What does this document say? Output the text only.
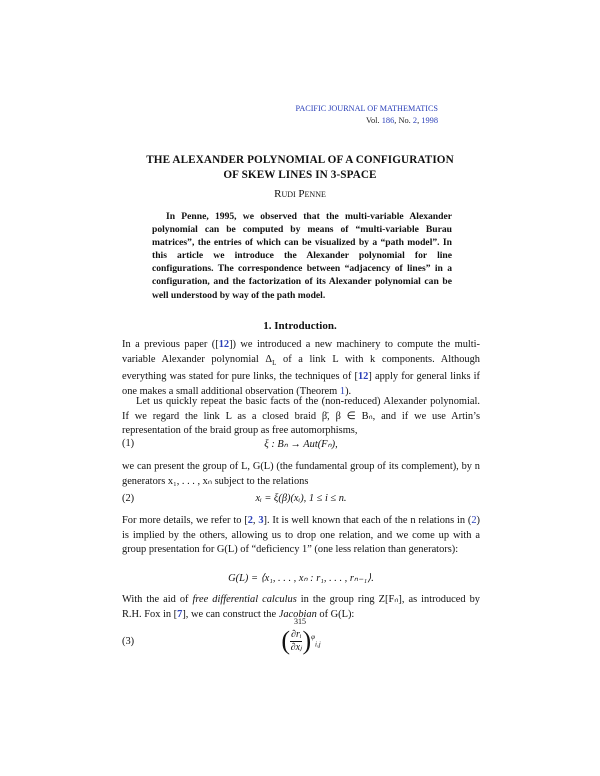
PACIFIC JOURNAL OF MATHEMATICS
Vol. 186, No. 2, 1998
THE ALEXANDER POLYNOMIAL OF A CONFIGURATION
OF SKEW LINES IN 3-SPACE
Rudi Penne

In Penne, 1995, we observed that the multi-variable Alexander polynomial can be computed by means of “multi-variable Burau matrices”, the entries of which can be visualized by a “path model”. In this article we introduce the Alexander polynomial for line configurations. The correspondence between “adjacency of lines” in a configuration, and the factorization of its Alexander polynomial can be well understood by way of the path model.

1. Introduction.

In a previous paper ([12]) we introduced a new machinery to compute the multi-variable Alexander polynomial $\Delta_L$ of a link L with k components. Although everything was stated for pure links, the techniques of [12] apply for general links if one makes a small additional observation (Theorem 1).

Let us quickly repeat the basic facts of the (non-reduced) Alexander polynomial. If we regard the link L as a closed braid β̄, β ∈ Bₙ, and if we use Artin’s representation of the braid group as free automorphisms,

(1)	ξ : Bₙ → Aut(Fₙ),

we can present the group of L, G(L) (the fundamental group of its complement), by n generators x₁, . . . , xₙ subject to the relations

(2)	xᵢ = ξ(β)(xᵢ), 1 ≤ i ≤ n.

For more details, we refer to [2, 3]. It is well known that each of the n relations in (2) is implied by the others, allowing us to drop one relation, and we come up with a group presentation for G(L) of “deficiency 1” (one less relation than generators):

G(L) = ⟨x₁, . . . , xₙ : r₁, . . . , rₙ₋₁⟩.

With the aid of free differential calculus in the group ring Z[Fₙ], as introduced by R.H. Fox in [7], we can construct the Jacobian of G(L):

(3)	( $\frac{\text{∂rᵢ}}{\text{∂xⱼ}} )^\varphi_{i,j}$
315
